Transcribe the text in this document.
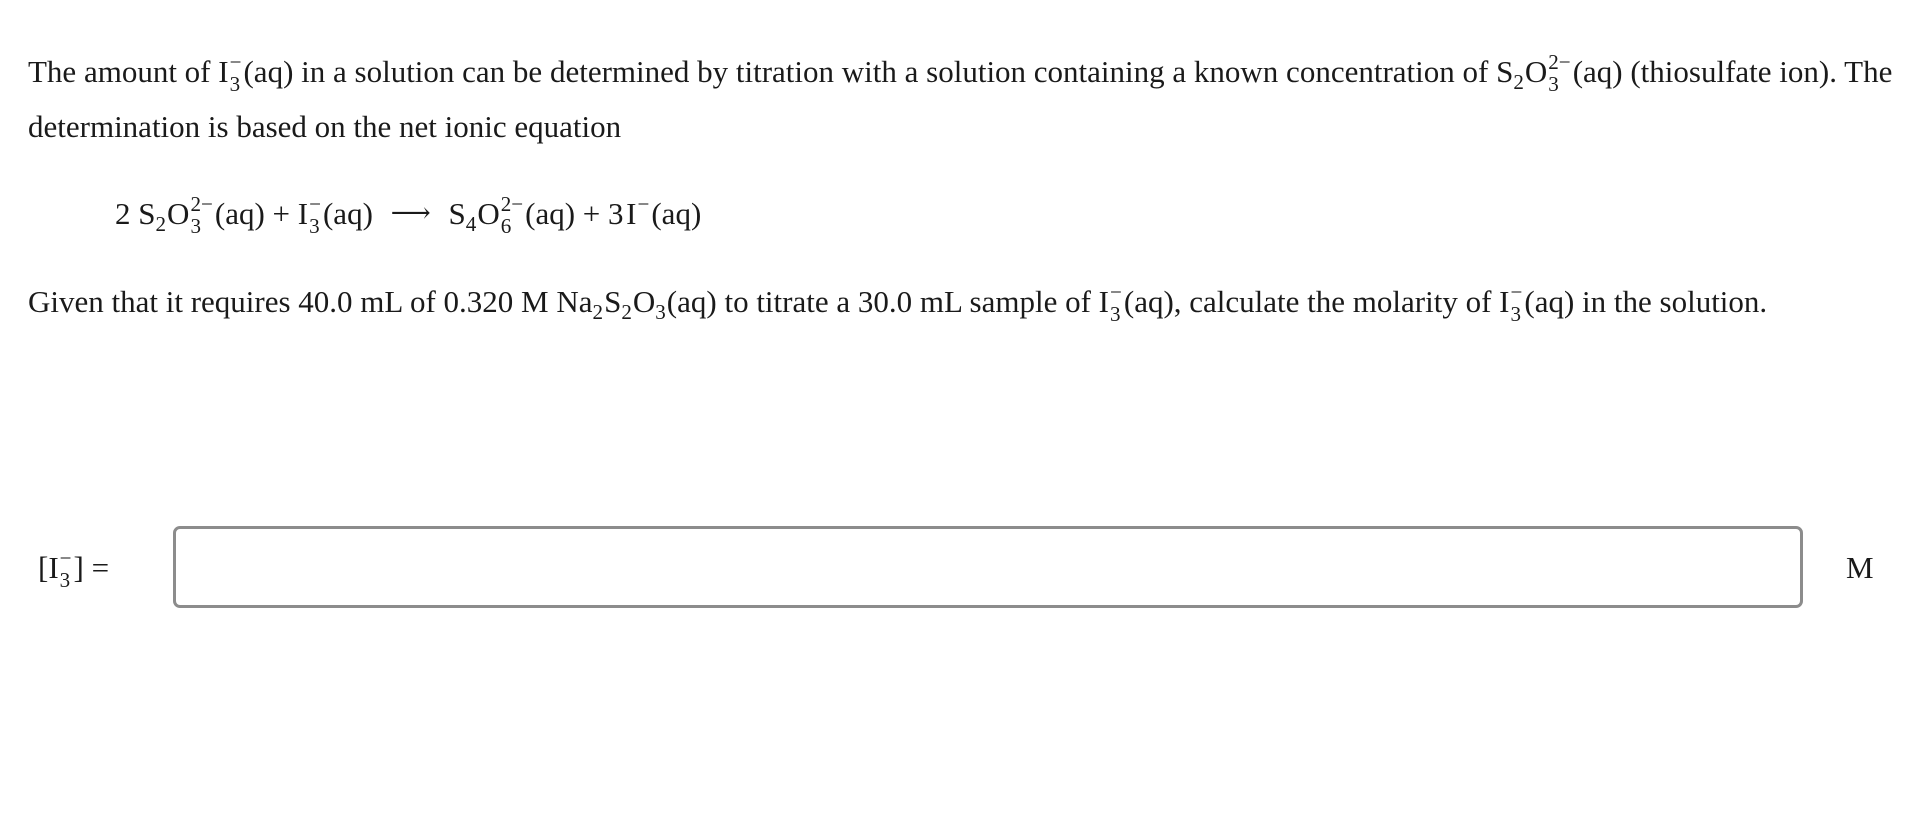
The amount of I −
3 (aq) in a solution can be determined by titration with a solution containing a known concentration of $S_2O$ 2−
3 (aq) (thiosulfate ion). The determination is based on the net ionic equation

2 $S_2O$ 2−
3 (aq) + I −
3 (aq) ⟶ $S_4O$ 2−
6 (aq) + 3 I − (aq)

Given that it requires 40.0 mL of 0.320 M $Na_2S_2O_3(aq)$ to titrate a 30.0 mL sample of I −
3 (aq), calculate the molarity of I −
3 (aq) in the solution.

[I −
3 ] =	M
